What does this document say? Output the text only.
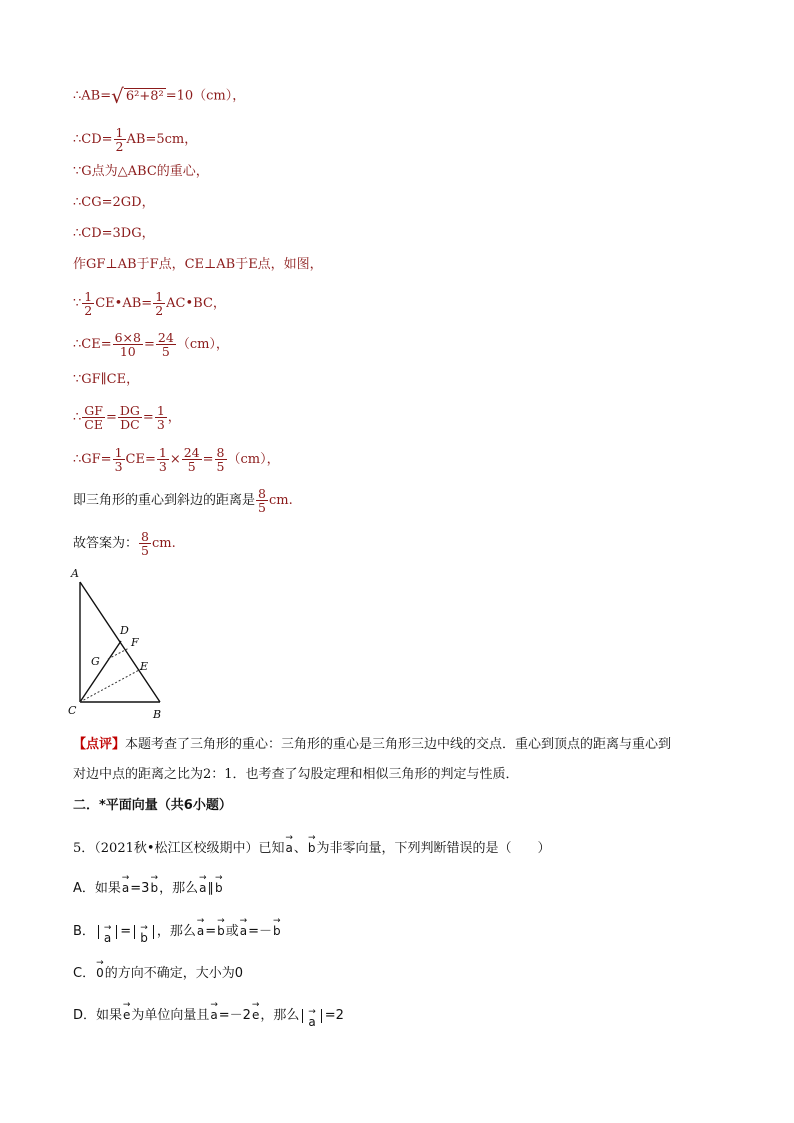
∴AB=√ 6²+8² =10（cm），
∴CD= $\frac{1}{2} AB=5cm$，
∵G点为△ABC的重心，
∴CG=2GD，
∴CD=3DG，
作GF⊥AB于F点，CE⊥AB于E点，如图，
∵ $\frac{1}{2}$ CE•AB= $\frac{1}{2}$ AC•BC，
∴CE= $\frac{6\times 8}{10} = \frac{24}{5} (cm)$，
∵GF∥CE，
∴ $\frac{GF}{CE} = \frac{DG}{DC} = \frac{1}{3}$ ，
∴GF= $\frac{1}{3} CE= \frac{1}{3} \times \frac{24}{5} = \frac{8}{5} (cm)$，
即三角形的重心到斜边的距离是 $\frac{8}{5}$ cm.
故答案为： $\frac{8}{5}$ cm.
A
B
C
D
E
F
G
【点评】本题考查了三角形的重心：三角形的重心是三角形三边中线的交点．重心到顶点的距离与重心到
对边中点的距离之比为2：1．也考查了勾股定理和相似三角形的判定与性质．
二．*平面向量（共6小题）
5．（2021秋•松江区校级期中）已知→ a、→ b为非零向量，下列判断错误的是（　　）
A．如果→ a=3→ b，那么→ a∥→ b
B． → a = → b ，那么→ a=→ b或→ a=－→ b
C．→ 0的方向不确定，大小为0
D．如果→ e为单位向量且→ a=－2→ e，那么 → a =2
